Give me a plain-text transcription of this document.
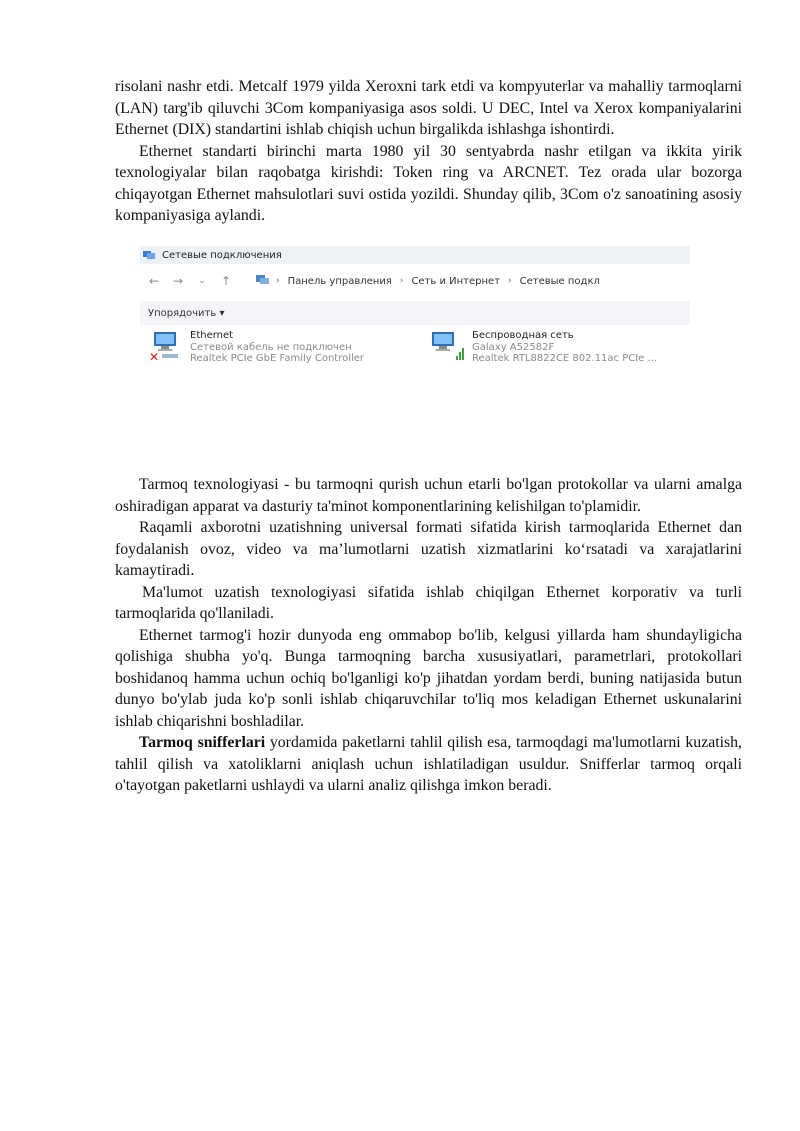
risolani nashr etdi. Metcalf 1979 yilda Xeroxni tark etdi va kompyuterlar va mahalliy tarmoqlarni (LAN) targ'ib qiluvchi 3Com kompaniyasiga asos soldi. U DEC, Intel va Xerox kompaniyalarini Ethernet (DIX) standartini ishlab chiqish uchun birgalikda ishlashga ishontirdi.

Ethernet standarti birinchi marta 1980 yil 30 sentyabrda nashr etilgan va ikkita yirik texnologiyalar bilan raqobatga kirishdi: Token ring va ARCNET. Tez orada ular bozorga chiqayotgan Ethernet mahsulotlari suvi ostida yozildi. Shunday qilib, 3Com o'z sanoatining asosiy kompaniyasiga aylandi.

Сетевые подключения
←	→	⌄	↑	› Панель управления › Сеть и Интернет › Сетевые подкл
Упорядочить ▾
✕
Ethernet
Сетевой кабель не подключен
Realtek PCIe GbE Family Controller
Беспроводная сеть
Galaxy A52582F
Realtek RTL8822CE 802.11ac PCIe ...

Tarmoq texnologiyasi - bu tarmoqni qurish uchun etarli bo'lgan protokollar va ularni amalga oshiradigan apparat va dasturiy ta'minot komponentlarining kelishilgan to'plamidir.

Raqamli axborotni uzatishning universal formati sifatida kirish tarmoqlarida Ethernet dan foydalanish ovoz, video va ma’lumotlarni uzatish xizmatlarini ko‘rsatadi va xarajatlarini kamaytiradi.

Ma'lumot uzatish texnologiyasi sifatida ishlab chiqilgan Ethernet korporativ va turli tarmoqlarida qo'llaniladi.

Ethernet tarmog'i hozir dunyoda eng ommabop bo'lib, kelgusi yillarda ham shundayligicha qolishiga shubha yo'q. Bunga tarmoqning barcha xususiyatlari, parametrlari, protokollari boshidanoq hamma uchun ochiq bo'lganligi ko'p jihatdan yordam berdi, buning natijasida butun dunyo bo'ylab juda ko'p sonli ishlab chiqaruvchilar to'liq mos keladigan Ethernet uskunalarini ishlab chiqarishni boshladilar.

Tarmoq snifferlari yordamida paketlarni tahlil qilish esa, tarmoqdagi ma'lumotlarni kuzatish, tahlil qilish va xatoliklarni aniqlash uchun ishlatiladigan usuldur. Snifferlar tarmoq orqali o'tayotgan paketlarni ushlaydi va ularni analiz qilishga imkon beradi.
